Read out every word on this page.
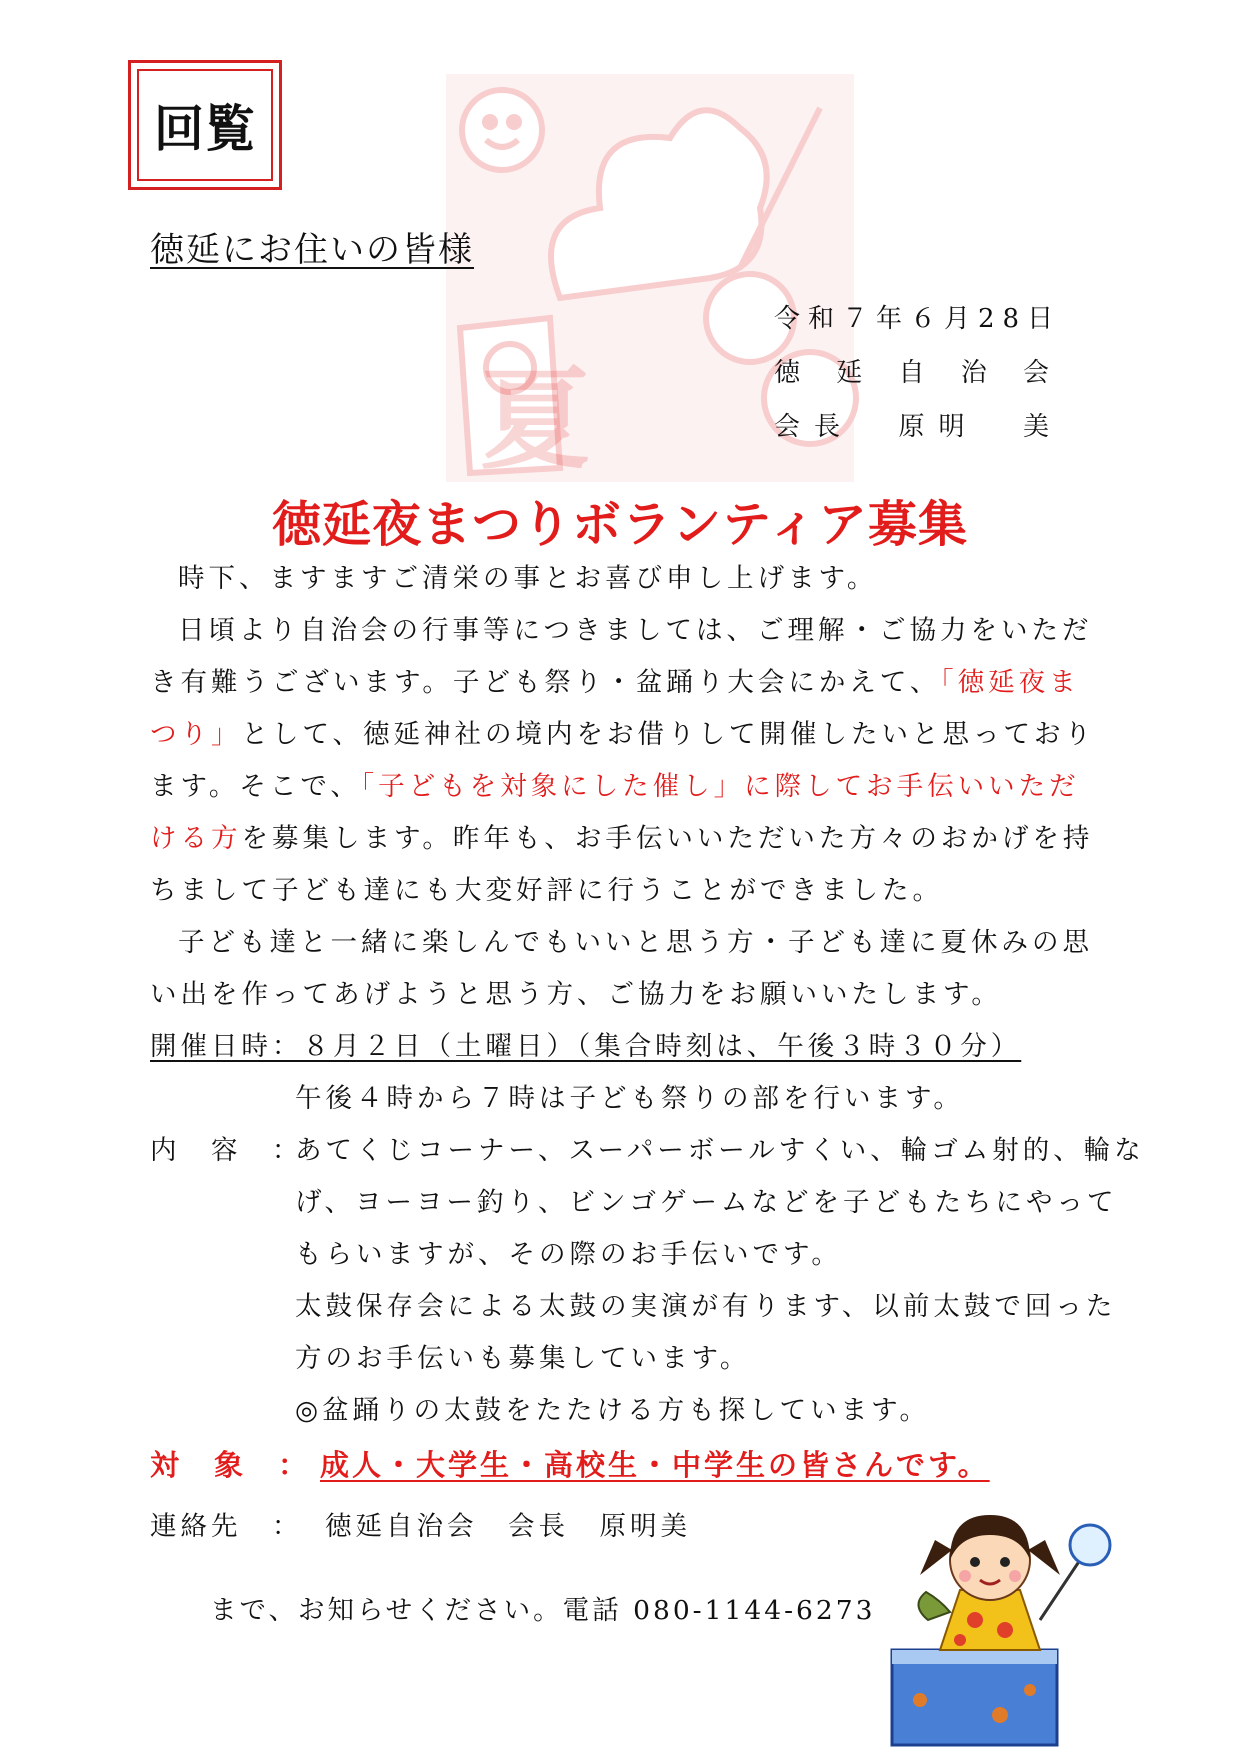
夏
回覧
徳延にお住いの皆様
令和７年６月28日
徳 延 自 治 会
会長  原明  美
徳延夜まつりボランティア募集

時下、ますますご清栄の事とお喜び申し上げます。

日頃より自治会の行事等につきましては、ご理解・ご協力をいただき有難うございます。子ども祭り・盆踊り大会にかえて、「徳延夜まつり」として、徳延神社の境内をお借りして開催したいと思っております。そこで、「子どもを対象にした催し」に際してお手伝いいただける方を募集します。昨年も、お手伝いいただいた方々のおかげを持ちまして子ども達にも大変好評に行うことができました。

子ども達と一緒に楽しんでもいいと思う方・子ども達に夏休みの思い出を作ってあげようと思う方、ご協力をお願いいたします。

開催日時：８月２日（土曜日）（集合時刻は、午後３時３０分）
午後４時から７時は子ども祭りの部を行います。
内　容　：
あてくじコーナー、スーパーボールすくい、輪ゴム射的、輪な
げ、ヨーヨー釣り、ビンゴゲームなどを子どもたちにやって
もらいますが、その際のお手伝いです。
太鼓保存会による太鼓の実演が有ります、以前太鼓で回った
方のお手伝いも募集しています。
◎盆踊りの太鼓をたたける方も探しています。
対　象　： 成人・大学生・高校生・中学生の皆さんです。
連絡先　： 徳延自治会　会長　原明美
まで、お知らせください。電話 080-1144-6273
